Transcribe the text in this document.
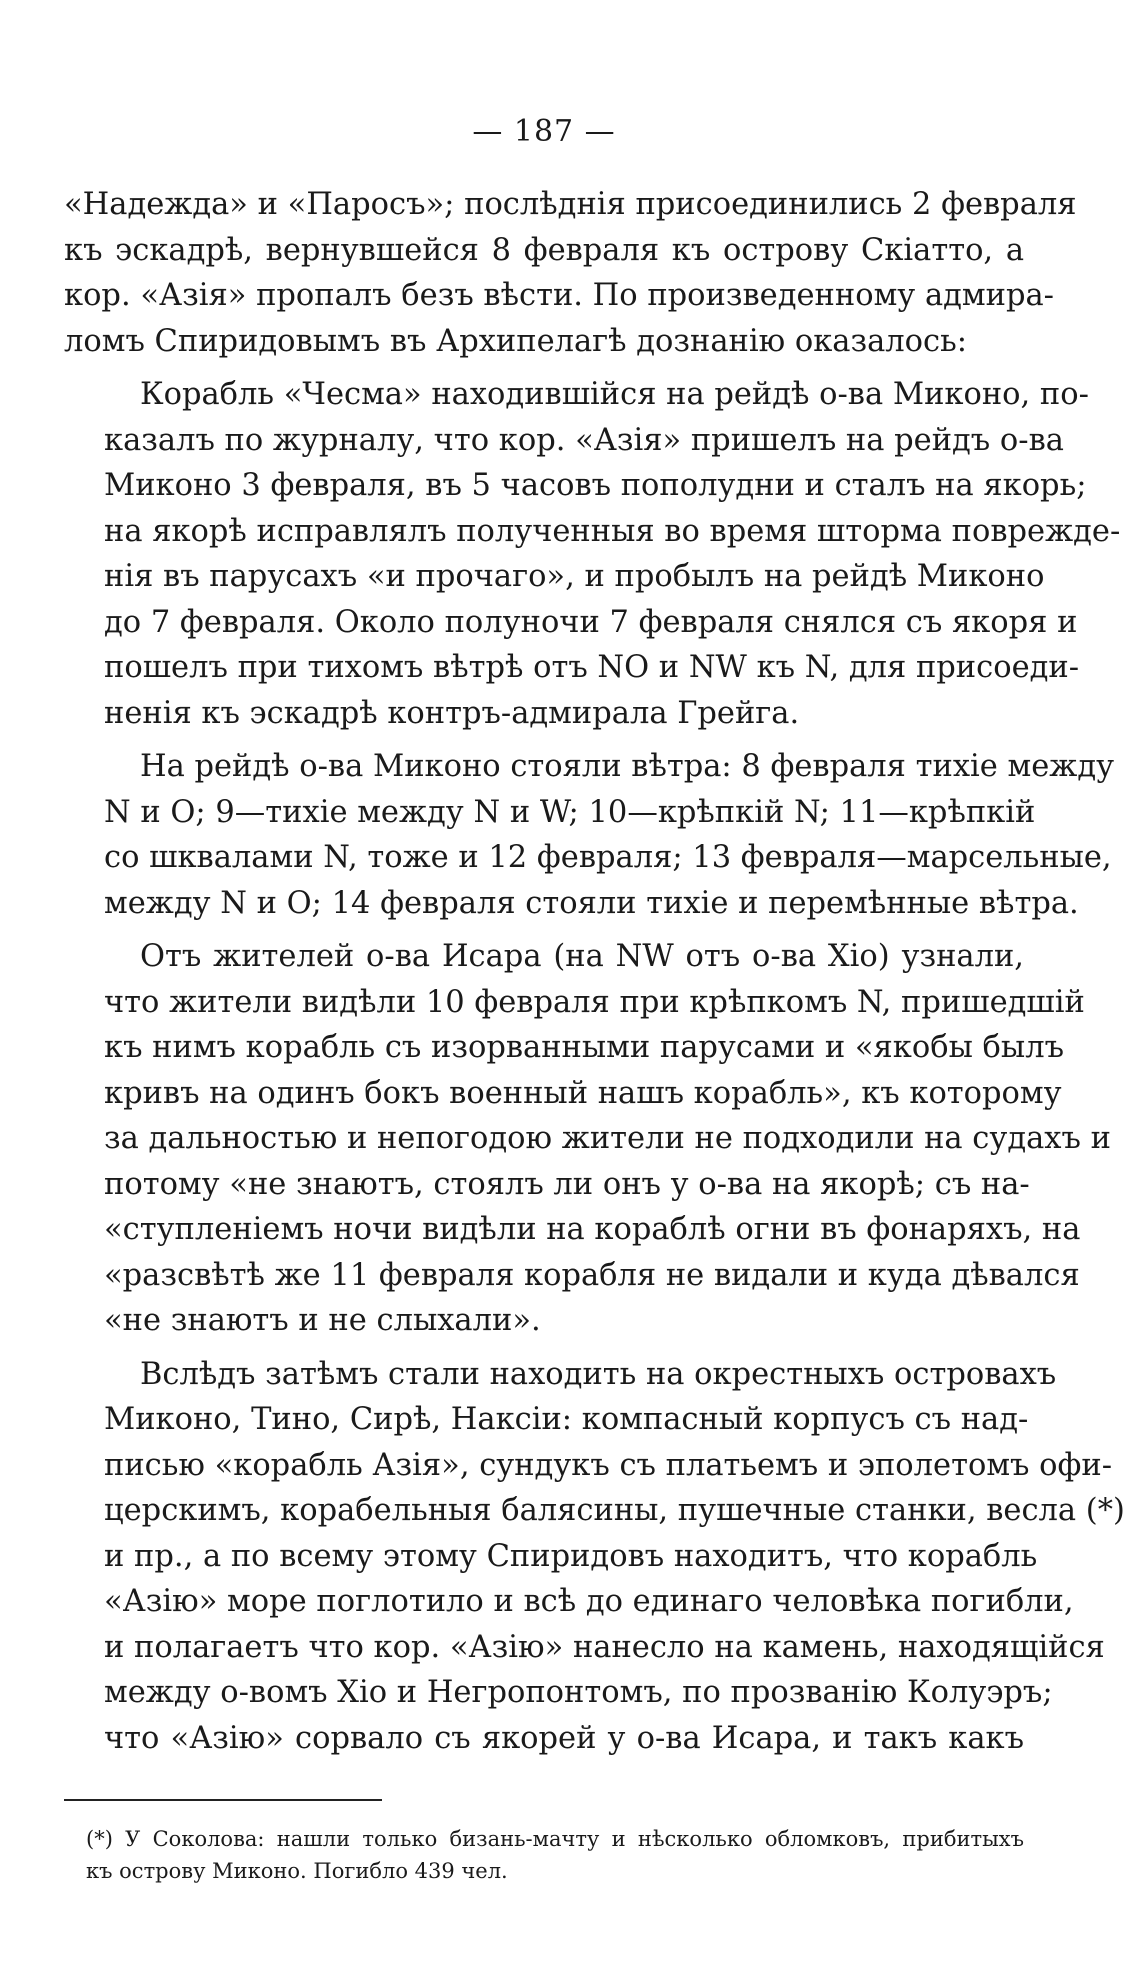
— 187 —
«Надежда» и «Паросъ»; послѣднія присоединились 2 февраля
къ эскадрѣ, вернувшейся 8 февраля къ острову Скіатто, а
кор. «Азія» пропалъ безъ вѣсти. По произведенному адмира-
ломъ Спиридовымъ въ Архипелагѣ дознанію оказалось:
Корабль «Чесма» находившійся на рейдѣ о-ва Миконо, по-
казалъ по журналу, что кор. «Азія» пришелъ на рейдъ о-ва
Миконо 3 февраля, въ 5 часовъ пополудни и сталъ на якорь;
на якорѣ исправлялъ полученныя во время шторма поврежде-
нія въ парусахъ «и прочаго», и пробылъ на рейдѣ Миконо
до 7 февраля. Около полуночи 7 февраля снялся съ якоря и
пошелъ при тихомъ вѣтрѣ отъ NO и NW къ N, для присоеди-
ненія къ эскадрѣ контръ-адмирала Грейга.
На рейдѣ о-ва Миконо стояли вѣтра: 8 февраля тихіе между
N и O; 9—тихіе между N и W; 10—крѣпкій N; 11—крѣпкій
со шквалами N, тоже и 12 февраля; 13 февраля—марсельные,
между N и O; 14 февраля стояли тихіе и перемѣнные вѣтра.
Отъ жителей о-ва Исара (на NW отъ о-ва Хіо) узнали,
что жители видѣли 10 февраля при крѣпкомъ N, пришедшій
къ нимъ корабль съ изорванными парусами и «якобы былъ
кривъ на одинъ бокъ военный нашъ корабль», къ которому
за дальностью и непогодою жители не подходили на судахъ и
потому «не знаютъ, стоялъ ли онъ у о-ва на якорѣ; съ на-
«ступленіемъ ночи видѣли на кораблѣ огни въ фонаряхъ, на
«разсвѣтѣ же 11 февраля корабля не видали и куда дѣвался
«не знаютъ и не слыхали».
Вслѣдъ затѣмъ стали находить на окрестныхъ островахъ
Миконо, Тино, Сирѣ, Наксіи: компасный корпусъ съ над-
писью «корабль Азія», сундукъ съ платьемъ и эполетомъ офи-
церскимъ, корабельныя балясины, пушечные станки, весла (*)
и пр., а по всему этому Спиридовъ находитъ, что корабль
«Азію» море поглотило и всѣ до единаго человѣка погибли,
и полагаетъ что кор. «Азію» нанесло на камень, находящійся
между о-вомъ Хіо и Негропонтомъ, по прозванію Колуэръ;
что «Азію» сорвало съ якорей у о-ва Исара, и такъ какъ
(*) У Соколова: нашли только бизань-мачту и нѣсколько обломковъ, прибитыхъ
къ острову Миконо. Погибло 439 чел.
